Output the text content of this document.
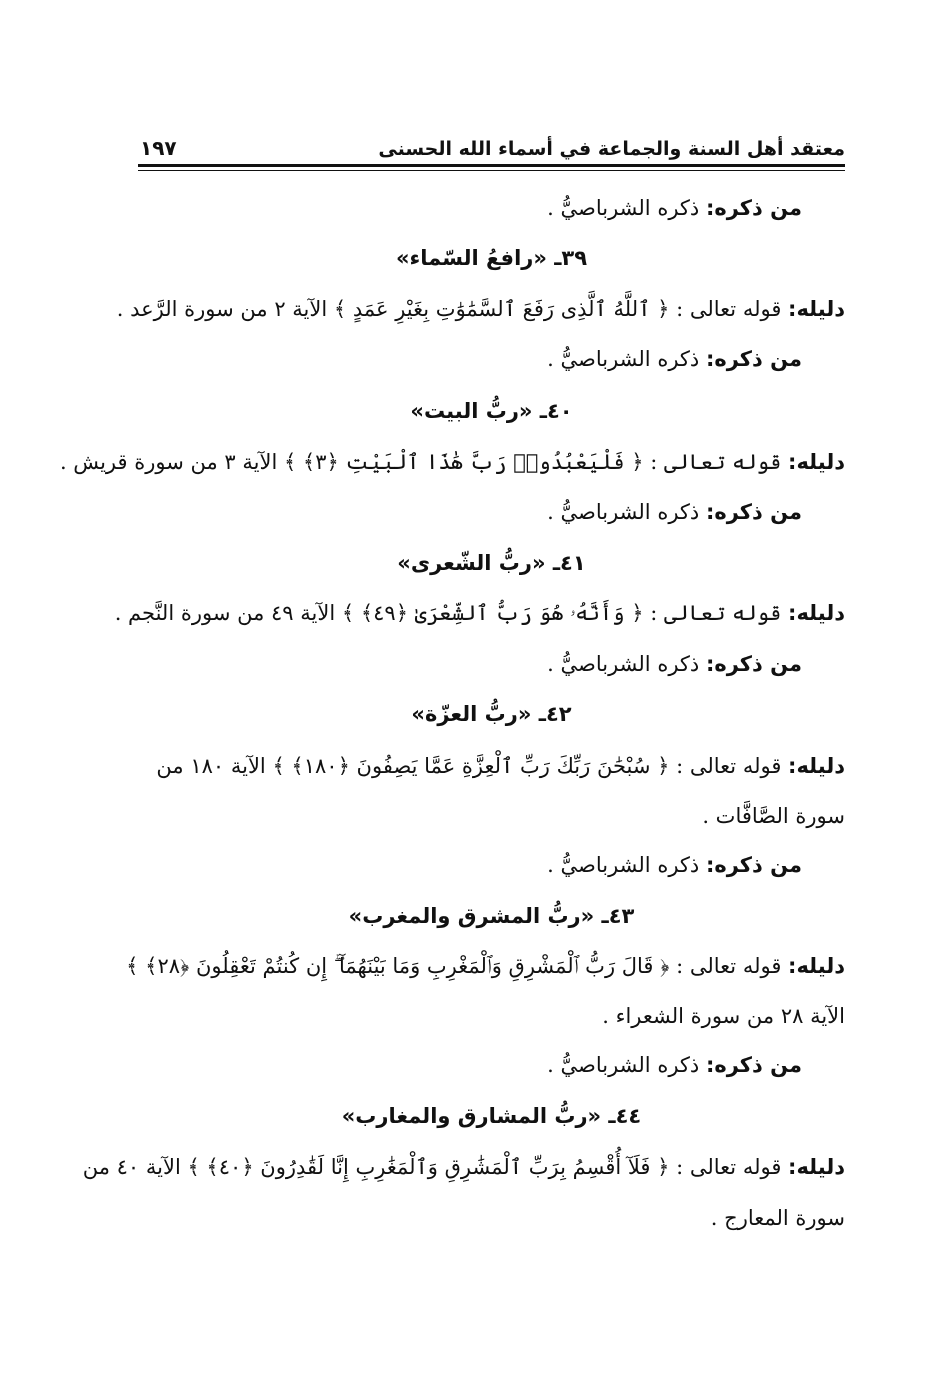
معتقد أهل السنة والجماعة في أسماء الله الحسنى
١٩٧
من ذكره: ذكره الشرباصيُّ .
٣٩ـ «رافعُ السّماء»
دليله: قوله تعالى : ﴿ ٱللَّهُ ٱلَّذِى رَفَعَ ٱلسَّمَٰوَٰتِ بِغَيْرِ عَمَدٍ ﴾ الآية ٢ من سورة الرَّعد .
من ذكره: ذكره الشرباصيُّ .
٤٠ـ «ربُّ البيت»
دليله: قوله تعالى : ﴿ فَلْيَعْبُدُوا۟ رَبَّ هَٰذَا ٱلْبَيْتِ ﴿٣﴾ ﴾ الآية ٣ من سورة قريش .
من ذكره: ذكره الشرباصيُّ .
٤١ـ «ربُّ الشّعرى»
دليله: قوله تعالى : ﴿ وَأَنَّهُۥ هُوَ رَبُّ ٱلشِّعْرَىٰ ﴿٤٩﴾ ﴾ الآية ٤٩ من سورة النَّجم .
من ذكره: ذكره الشرباصيُّ .
٤٢ـ «ربُّ العزّة»
دليله: قوله تعالى : ﴿ سُبْحَٰنَ رَبِّكَ رَبِّ ٱلْعِزَّةِ عَمَّا يَصِفُونَ ﴿١٨٠﴾ ﴾ الآية ١٨٠ من
سورة الصَّافَّات .
من ذكره: ذكره الشرباصيُّ .
٤٣ـ «ربُّ المشرق والمغرب»
دليله: قوله تعالى : ﴿ قَالَ رَبُّ ٱلْمَشْرِقِ وَٱلْمَغْرِبِ وَمَا بَيْنَهُمَآ ۖ إِن كُنتُمْ تَعْقِلُونَ ﴿٢٨﴾ ﴾
الآية ٢٨ من سورة الشعراء .
من ذكره: ذكره الشرباصيُّ .
٤٤ـ «ربُّ المشارق والمغارب»
دليله: قوله تعالى : ﴿ فَلَآ أُقْسِمُ بِرَبِّ ٱلْمَشَٰرِقِ وَٱلْمَغَٰرِبِ إِنَّا لَقَٰدِرُونَ ﴿٤٠﴾ ﴾ الآية ٤٠ من
سورة المعارج .
